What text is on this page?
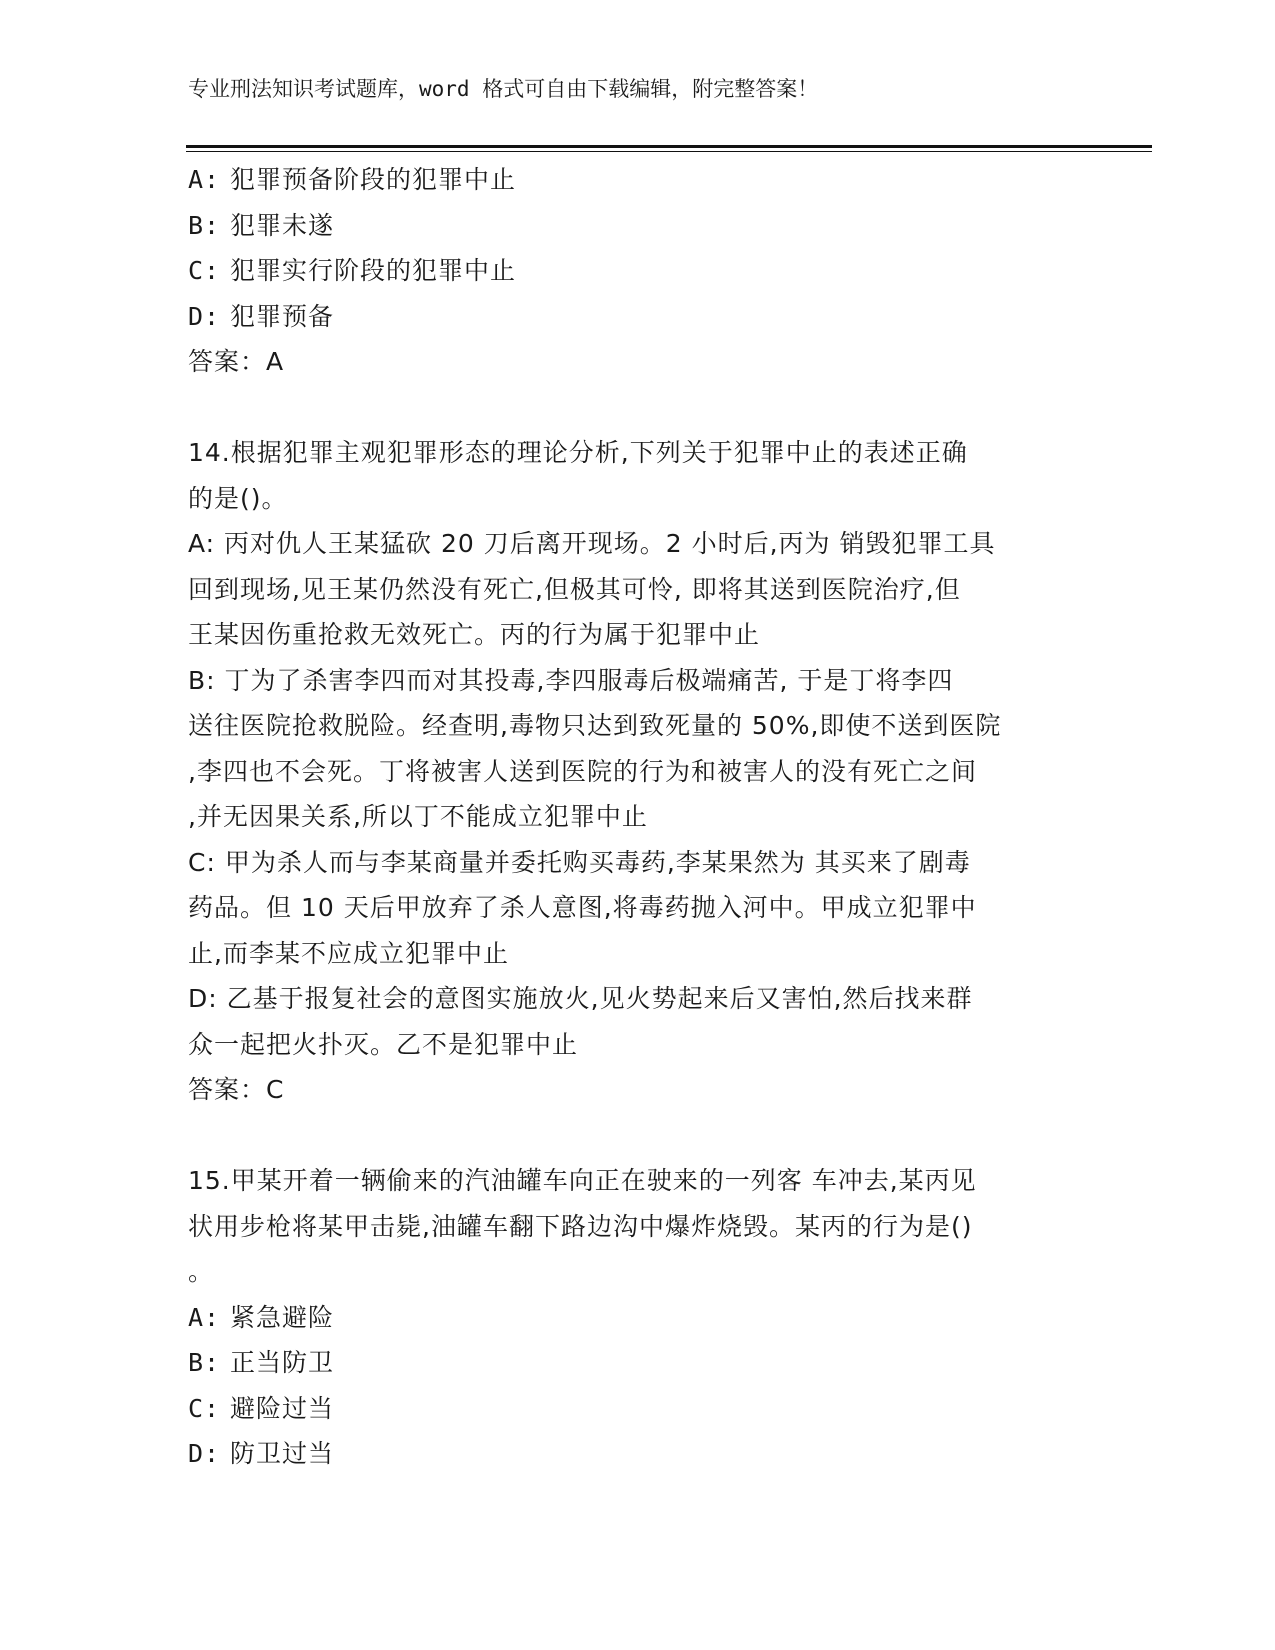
专业刑法知识考试题库，word 格式可自由下载编辑，附完整答案！
A: 犯罪预备阶段的犯罪中止
B: 犯罪未遂
C: 犯罪实行阶段的犯罪中止
D: 犯罪预备
答案：A
14.根据犯罪主观犯罪形态的理论分析,下列关于犯罪中止的表述正确
的是()。
A: 丙对仇人王某猛砍 20 刀后离开现场。2 小时后,丙为 销毁犯罪工具
回到现场,见王某仍然没有死亡,但极其可怜, 即将其送到医院治疗,但
王某因伤重抢救无效死亡。丙的行为属于犯罪中止
B: 丁为了杀害李四而对其投毒,李四服毒后极端痛苦, 于是丁将李四
送往医院抢救脱险。经查明,毒物只达到致死量的 50%,即使不送到医院
,李四也不会死。丁将被害人送到医院的行为和被害人的没有死亡之间
,并无因果关系,所以丁不能成立犯罪中止
C: 甲为杀人而与李某商量并委托购买毒药,李某果然为 其买来了剧毒
药品。但 10 天后甲放弃了杀人意图,将毒药抛入河中。甲成立犯罪中
止,而李某不应成立犯罪中止
D: 乙基于报复社会的意图实施放火,见火势起来后又害怕,然后找来群
众一起把火扑灭。乙不是犯罪中止
答案：C
15.甲某开着一辆偷来的汽油罐车向正在驶来的一列客 车冲去,某丙见
状用步枪将某甲击毙,油罐车翻下路边沟中爆炸烧毁。某丙的行为是()
。
A: 紧急避险
B: 正当防卫
C: 避险过当
D: 防卫过当
